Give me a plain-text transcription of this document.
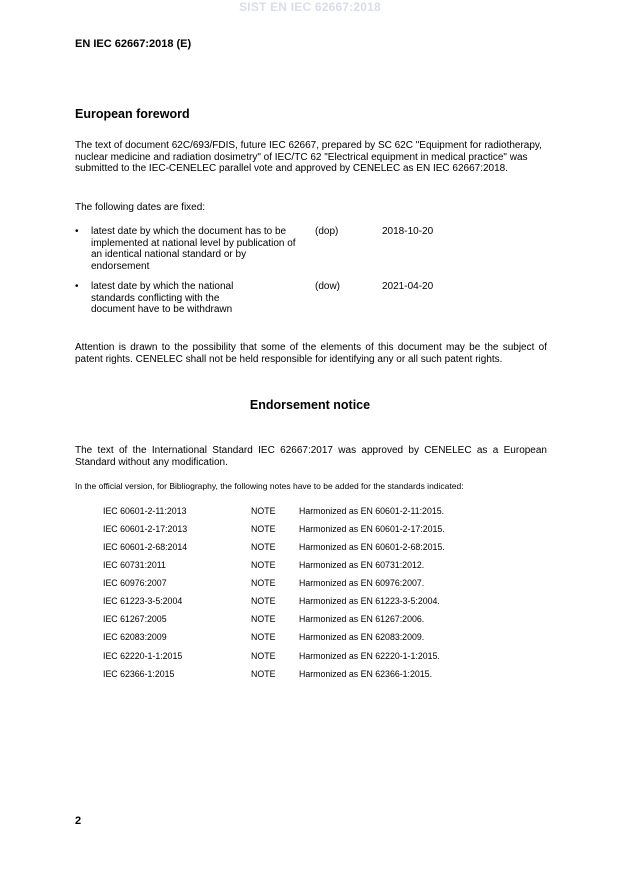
SIST EN IEC 62667:2018
EN IEC 62667:2018 (E)
European foreword
The text of document 62C/693/FDIS, future IEC 62667, prepared by SC 62C "Equipment for radiotherapy, nuclear medicine and radiation dosimetry" of IEC/TC 62 "Electrical equipment in medical practice" was submitted to the IEC-CENELEC parallel vote and approved by CENELEC as EN IEC 62667:2018.
The following dates are fixed:
• latest date by which the document has to be implemented at national level by publication of an identical national standard or by endorsement
(dop)	2018-10-20
• latest date by which the national standards conflicting with the document have to be withdrawn
(dow)	2021-04-20
Attention is drawn to the possibility that some of the elements of this document may be the subject of patent rights. CENELEC shall not be held responsible for identifying any or all such patent rights.
Endorsement notice
The text of the International Standard IEC 62667:2017 was approved by CENELEC as a European Standard without any modification.
In the official version, for Bibliography, the following notes have to be added for the standards indicated:
IEC 60601-2-11:2013	NOTE	Harmonized as EN 60601-2-11:2015.
IEC 60601-2-17:2013	NOTE	Harmonized as EN 60601-2-17:2015.
IEC 60601-2-68:2014	NOTE	Harmonized as EN 60601-2-68:2015.
IEC 60731:2011	NOTE	Harmonized as EN 60731:2012.
IEC 60976:2007	NOTE	Harmonized as EN 60976:2007.
IEC 61223-3-5:2004	NOTE	Harmonized as EN 61223-3-5:2004.
IEC 61267:2005	NOTE	Harmonized as EN 61267:2006.
IEC 62083:2009	NOTE	Harmonized as EN 62083:2009.
IEC 62220-1-1:2015	NOTE	Harmonized as EN 62220-1-1:2015.
IEC 62366-1:2015	NOTE	Harmonized as EN 62366-1:2015.
2
